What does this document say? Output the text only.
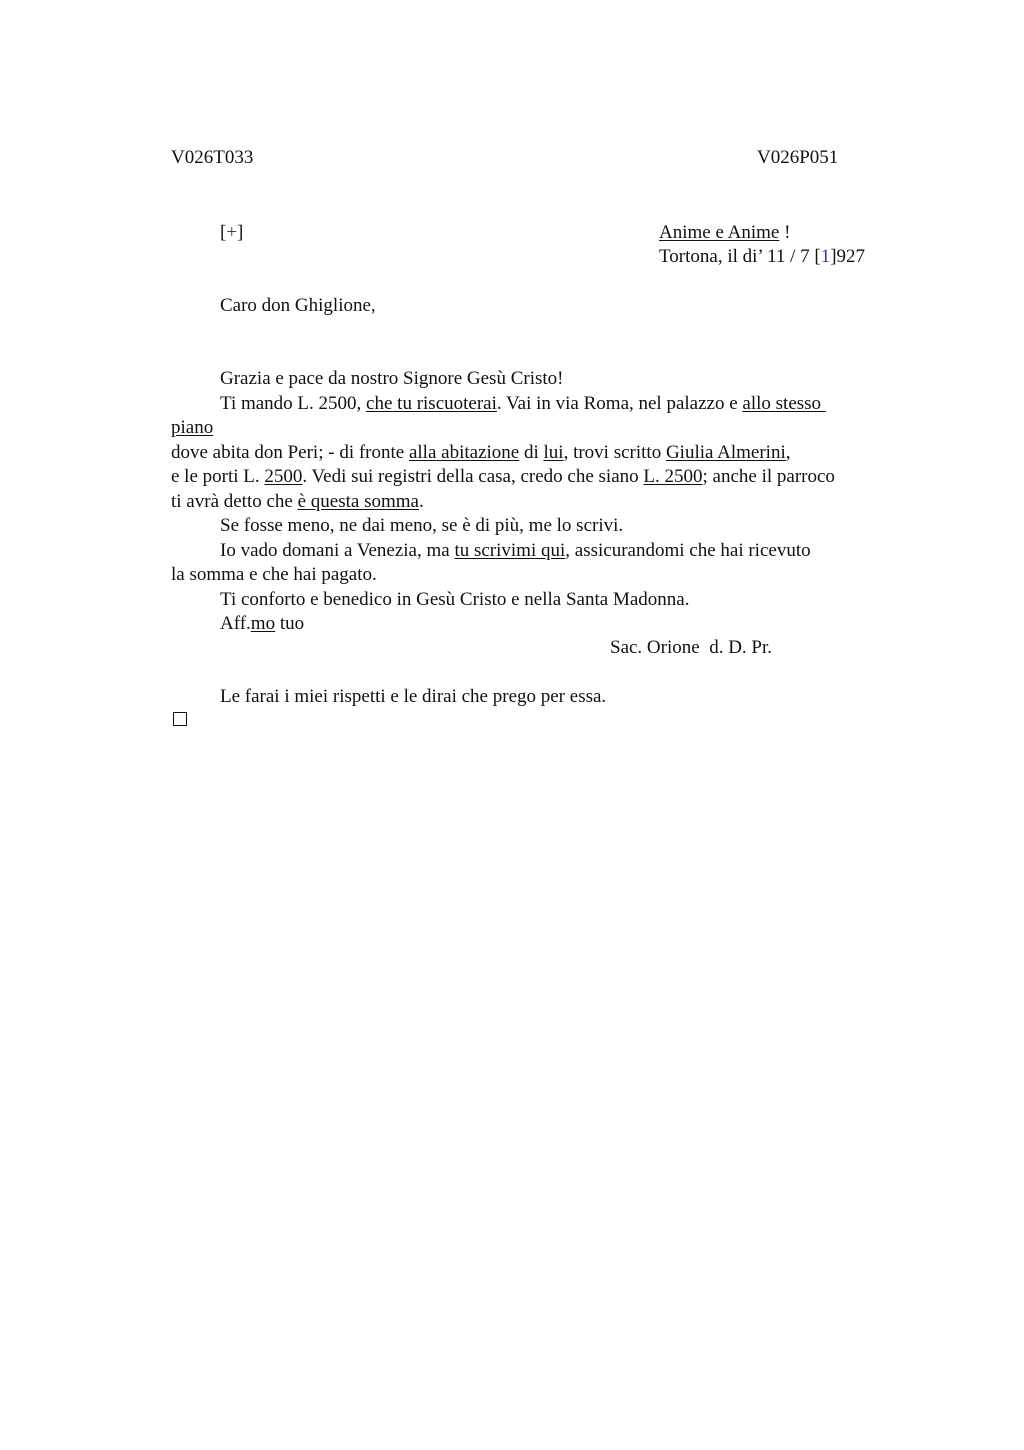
V026T033	V026P051
[+]	Anime e Anime !
Tortona, il di’ 11 / 7 [1]927
Caro don Ghiglione,
Grazia e pace da nostro Signore Gesù Cristo!
Ti mando L. 2500, che tu riscuoterai. Vai in via Roma, nel palazzo e allo stesso
piano
dove abita don Peri; - di fronte alla abitazione di lui, trovi scritto Giulia Almerini,
e le porti L. 2500. Vedi sui registri della casa, credo che siano L. 2500; anche il parroco
ti avrà detto che è questa somma.
Se fosse meno, ne dai meno, se è di più, me lo scrivi.
Io vado domani a Venezia, ma tu scrivimi qui, assicurandomi che hai ricevuto
la somma e che hai pagato.
Ti conforto e benedico in Gesù Cristo e nella Santa Madonna.
Aff.mo tuo
Sac. Orione  d. D. Pr.
Le farai i miei rispetti e le dirai che prego per essa.
